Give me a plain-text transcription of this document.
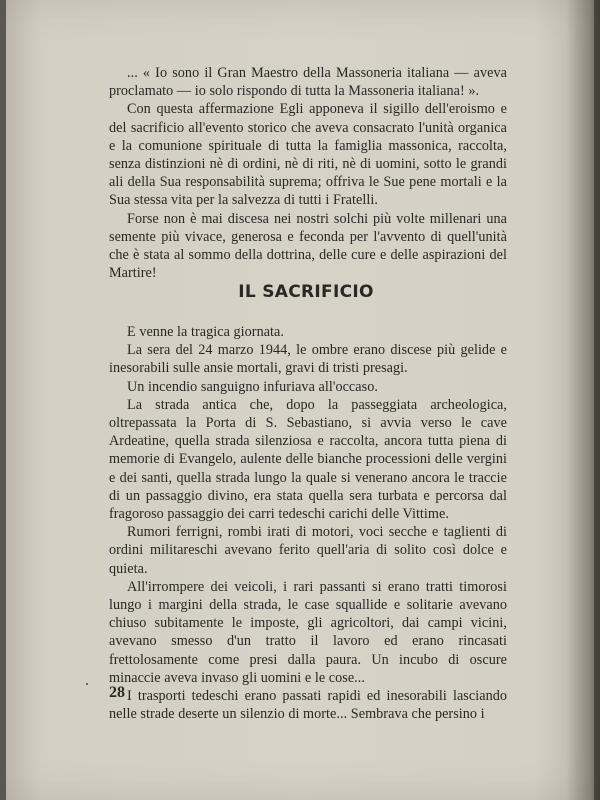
... « Io sono il Gran Maestro della Massoneria italiana — aveva proclamato — io solo rispondo di tutta la Massoneria italiana! ».

Con questa affermazione Egli apponeva il sigillo dell'eroismo e del sacrificio all'evento storico che aveva consacrato l'unità organica e la comunione spirituale di tutta la famiglia massonica, raccolta, senza distinzioni nè di ordini, nè di riti, nè di uomini, sotto le grandi ali della Sua responsabilità suprema; offriva le Sue pene mortali e la Sua stessa vita per la salvezza di tutti i Fratelli.

Forse non è mai discesa nei nostri solchi più volte millenari una semente più vivace, generosa e feconda per l'avvento di quell'unità che è stata al sommo della dottrina, delle cure e delle aspirazioni del Martire!

IL SACRIFICIO

E venne la tragica giornata.

La sera del 24 marzo 1944, le ombre erano discese più gelide e inesorabili sulle ansie mortali, gravi di tristi presagi.

Un incendio sanguigno infuriava all'occaso.

La strada antica che, dopo la passeggiata archeologica, oltrepassata la Porta di S. Sebastiano, si avvia verso le cave Ardeatine, quella strada silenziosa e raccolta, ancora tutta piena di memorie di Evangelo, aulente delle bianche processioni delle vergini e dei santi, quella strada lungo la quale si venerano ancora le traccie di un passaggio divino, era stata quella sera turbata e percorsa dal fragoroso passaggio dei carri tedeschi carichi delle Vittime.

Rumori ferrigni, rombi irati di motori, voci secche e taglienti di ordini militareschi avevano ferito quell'aria di solito così dolce e quieta.

All'irrompere dei veicoli, i rari passanti si erano tratti timorosi lungo i margini della strada, le case squallide e solitarie avevano chiuso subitamente le imposte, gli agricoltori, dai campi vicini, avevano smesso d'un tratto il lavoro ed erano rincasati frettolosamente come presi dalla paura. Un incubo di oscure minaccie aveva invaso gli uomini e le cose...

I trasporti tedeschi erano passati rapidi ed inesorabili lasciando nelle strade deserte un silenzio di morte... Sembrava che persino i

28
